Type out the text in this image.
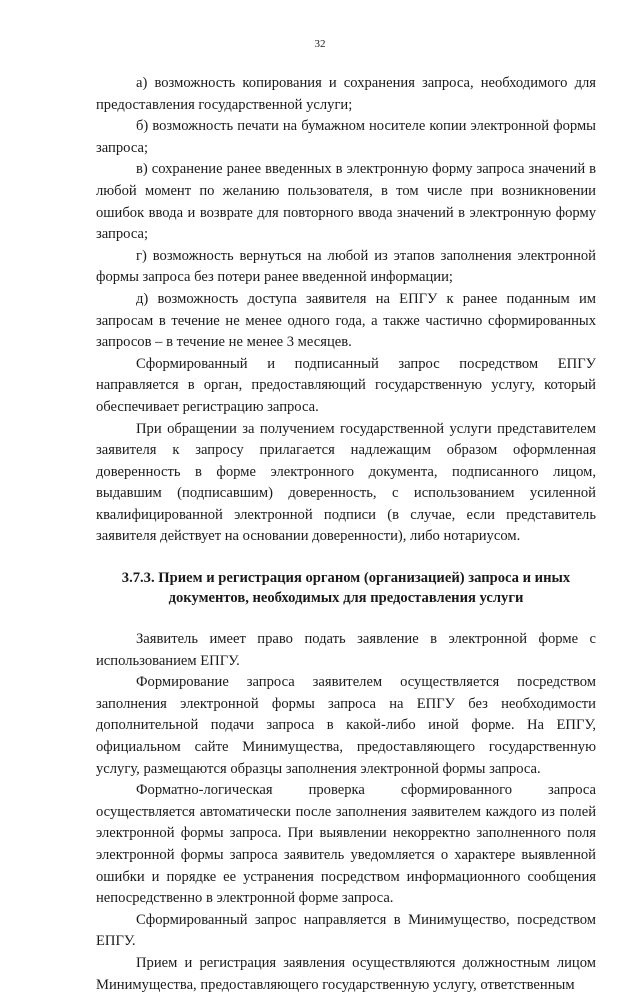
32

а) возможность копирования и сохранения запроса, необходимого для предоставления государственной услуги;

б) возможность печати на бумажном носителе копии электронной формы запроса;

в) сохранение ранее введенных в электронную форму запроса значений в любой момент по желанию пользователя, в том числе при возникновении ошибок ввода и возврате для повторного ввода значений в электронную форму запроса;

г) возможность вернуться на любой из этапов заполнения электронной формы запроса без потери ранее введенной информации;

д) возможность доступа заявителя на ЕПГУ к ранее поданным им запросам в течение не менее одного года, а также частично сформированных запросов – в течение не менее 3 месяцев.

Сформированный и подписанный запрос посредством ЕПГУ направляется в орган, предоставляющий государственную услугу, который обеспечивает регистрацию запроса.

При обращении за получением государственной услуги представителем заявителя к запросу прилагается надлежащим образом оформленная доверенность в форме электронного документа, подписанного лицом, выдавшим (подписавшим) доверенность, с использованием усиленной квалифицированной электронной подписи (в случае, если представитель заявителя действует на основании доверенности), либо нотариусом.

3.7.3. Прием и регистрация органом (организацией) запроса и иных документов, необходимых для предоставления услуги

Заявитель имеет право подать заявление в электронной форме с использованием ЕПГУ.

Формирование запроса заявителем осуществляется посредством заполнения электронной формы запроса на ЕПГУ без необходимости дополнительной подачи запроса в какой-либо иной форме. На ЕПГУ, официальном сайте Минимущества, предоставляющего государственную услугу, размещаются образцы заполнения электронной формы запроса.

Форматно-логическая проверка сформированного запроса осуществляется автоматически после заполнения заявителем каждого из полей электронной формы запроса. При выявлении некорректно заполненного поля электронной формы запроса заявитель уведомляется о характере выявленной ошибки и порядке ее устранения посредством информационного сообщения непосредственно в электронной форме запроса.

Сформированный запрос направляется в Минимущество, посредством ЕПГУ.

Прием и регистрация заявления осуществляются должностным лицом Минимущества, предоставляющего государственную услугу, ответственным
